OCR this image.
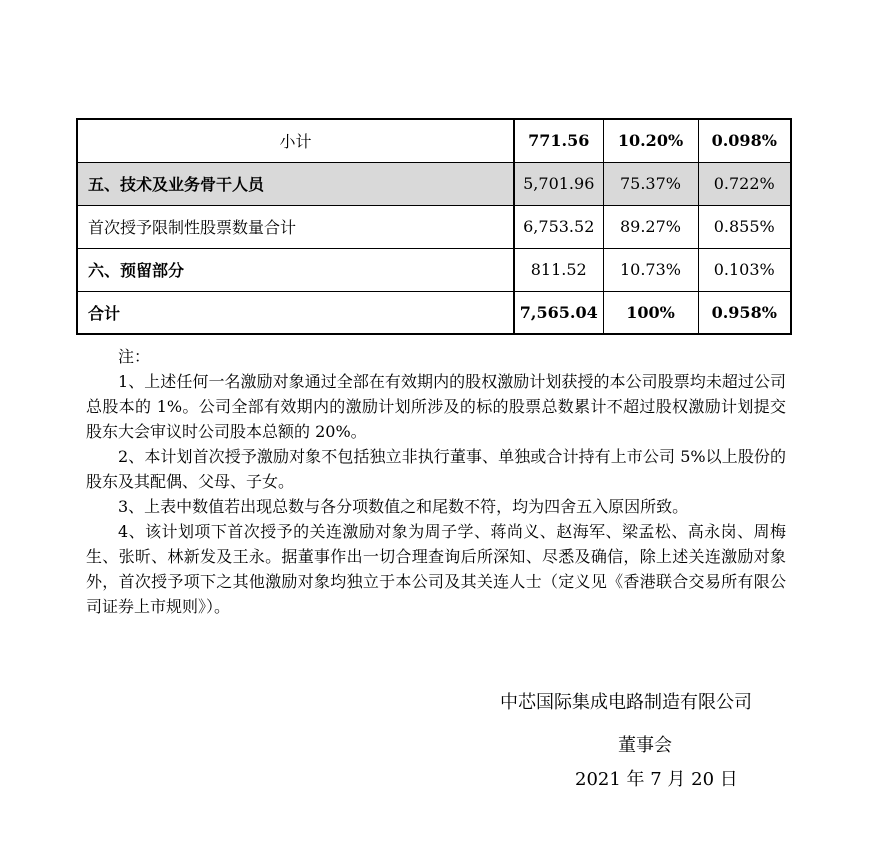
小计	771.56	10.20%	0.098%
五、技术及业务骨干人员	5,701.96	75.37%	0.722%
首次授予限制性股票数量合计	6,753.52	89.27%	0.855%
六、预留部分	811.52	10.73%	0.103%
合计	7,565.04	100%	0.958%

注：

1、上述任何一名激励对象通过全部在有效期内的股权激励计划获授的本公司股票均未超过公司总股本的 1%。公司全部有效期内的激励计划所涉及的标的股票总数累计不超过股权激励计划提交股东大会审议时公司股本总额的 20%。

2、本计划首次授予激励对象不包括独立非执行董事、单独或合计持有上市公司 5%以上股份的股东及其配偶、父母、子女。

3、上表中数值若出现总数与各分项数值之和尾数不符，均为四舍五入原因所致。

4、该计划项下首次授予的关连激励对象为周子学、蒋尚义、赵海军、梁孟松、高永岗、周梅生、张昕、林新发及王永。据董事作出一切合理查询后所深知、尽悉及确信，除上述关连激励对象外，首次授予项下之其他激励对象均独立于本公司及其关连人士（定义见《香港联合交易所有限公司证券上市规则》）。

中芯国际集成电路制造有限公司
董事会
2021 年 7 月 20 日
